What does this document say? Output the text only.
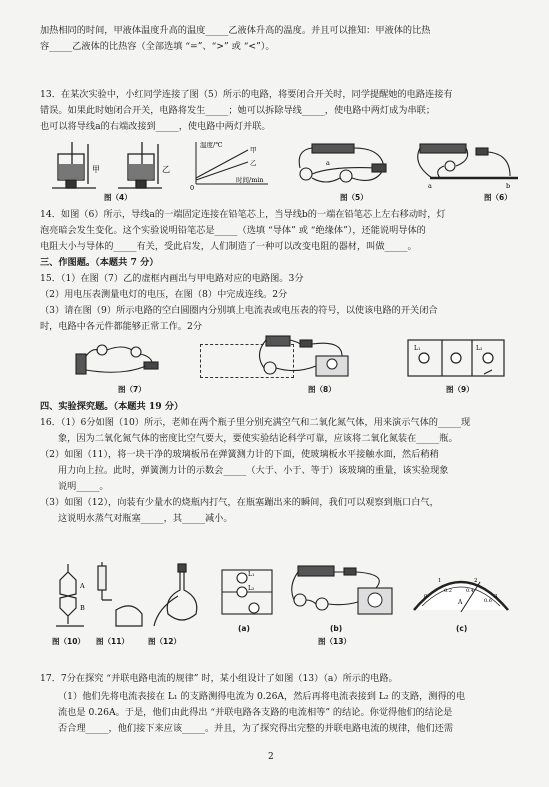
加热相同的时间，甲液体温度升高的温度_____乙液体升高的温度。并且可以推知：甲液体的比热
容_____乙液体的比热容（全部选填 “=”、“>” 或 “<”）。
13．在某次实验中，小红同学连接了图（5）所示的电路，将要闭合开关时，同学提醒她的电路连接有
错误。如果此时她闭合开关，电路将发生_____；她可以拆除导线_____，使电路中两灯成为串联；
也可以将导线a的右端改接到_____，使电路中两灯并联。
甲	乙
温度/℃
时间/min
0
甲
乙	a
a	b
图（4）	图（5）	图（6）
14．如图（6）所示，导线a的一端固定连接在铅笔芯上，当导线b的一端在铅笔芯上左右移动时，灯
泡亮暗会发生变化。这个实验说明铅笔芯是_____（选填 “导体” 或 “绝缘体”），还能说明导体的
电阻大小与导体的_____有关，受此启发，人们制造了一种可以改变电阻的器材，叫做_____。
三、作图题。（本题共 7 分）
15．（1）在图（7）乙的虚框内画出与甲电路对应的电路图。3分
（2）用电压表测量电灯的电压，在图（8）中完成连线。2分
（3）请在图（9）所示电路的空白圆圈内分别填上电流表或电压表的符号，以使该电路的开关闭合
时，电路中各元件都能够正常工作。2分
L₁	L₂
图（7）	图（8）	图（9）
四、实验探究题。（本题共 19 分）
16．（1）6分如图（10）所示，老师在两个瓶子里分别充满空气和二氧化氮气体，用来演示气体的_____现
象，因为二氧化氮气体的密度比空气要大，要使实验结论科学可靠，应该将二氧化氮装在_____瓶。
（2）如图（11），将一块干净的玻璃板吊在弹簧测力计的下面，使玻璃板水平接触水面，然后稍稍
用力向上拉。此时，弹簧测力计的示数会_____（大于、小于、等于）该玻璃的重量，该实验现象
说明_____。
（3）如图（12），向装有少量水的烧瓶内打气，在瓶塞蹦出来的瞬间，我们可以观察到瓶口白气，
这说明水蒸气对瓶塞_____，其_____减小。
A
B
L₁
L₂
0
1	2
3
0.2	0.4
0.6
A
图（10） 图（11）	图（12）
(a)	(b)	(c)
图（13）
17．7分在探究 “并联电路电流的规律” 时，某小组设计了如图（13）（a）所示的电路。
（1）他们先将电流表接在 L₁ 的支路测得电流为 0.26A，然后再将电流表接到 L₂ 的支路，测得的电
流也是 0.26A。于是，他们由此得出 “并联电路各支路的电流相等” 的结论。你觉得他们的结论是
否合理_____，他们接下来应该_____。并且，为了探究得出完整的并联电路电流的规律，他们还需
2
